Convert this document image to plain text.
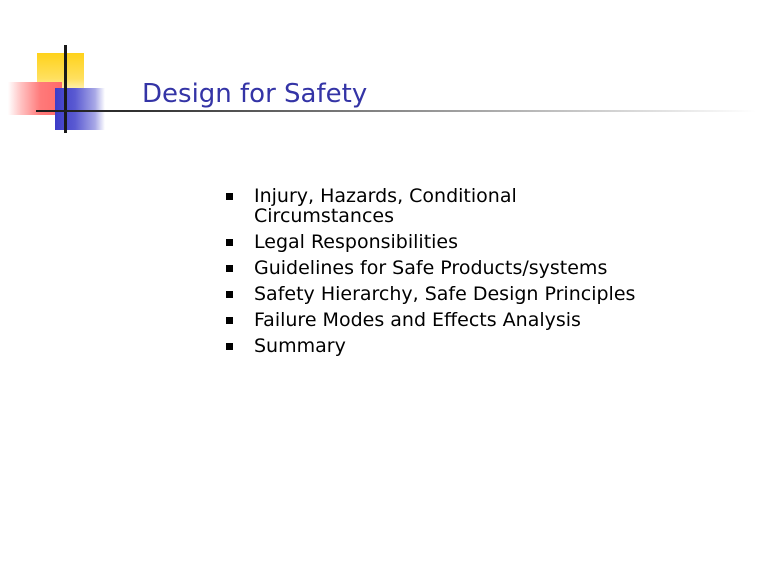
Design for Safety
Injury, Hazards, Conditional Circumstances
Legal Responsibilities
Guidelines for Safe Products/systems
Safety Hierarchy, Safe Design Principles
Failure Modes and Effects Analysis
Summary
